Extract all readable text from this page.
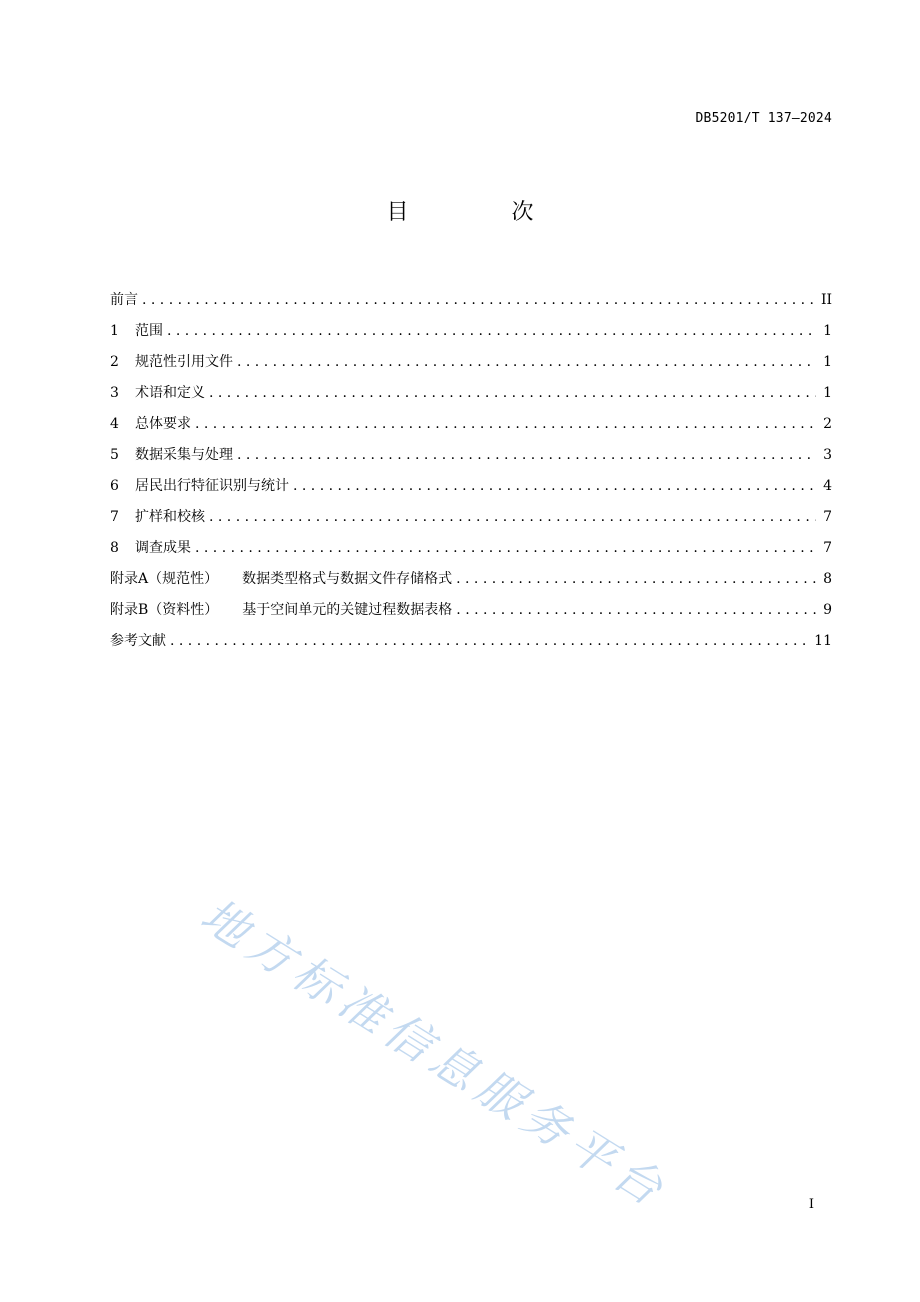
DB5201/T 137—2024
目 次
前言 . . .	II
1	范围 . . .	1
2	规范性引用文件 . . .	1
3	术语和定义 . . .	1
4	总体要求 . . .	2
5	数据采集与处理 . . .	3
6	居民出行特征识别与统计 . . .	4
7	扩样和校核 . . .	7
8	调查成果 . . .	7
附录A（规范性） 数据类型格式与数据文件存储格式 . . .	8
附录B（资料性） 基于空间单元的关键过程数据表格 . . .	9
参考文献 . . .	11
地方标准信息服务平台	I
